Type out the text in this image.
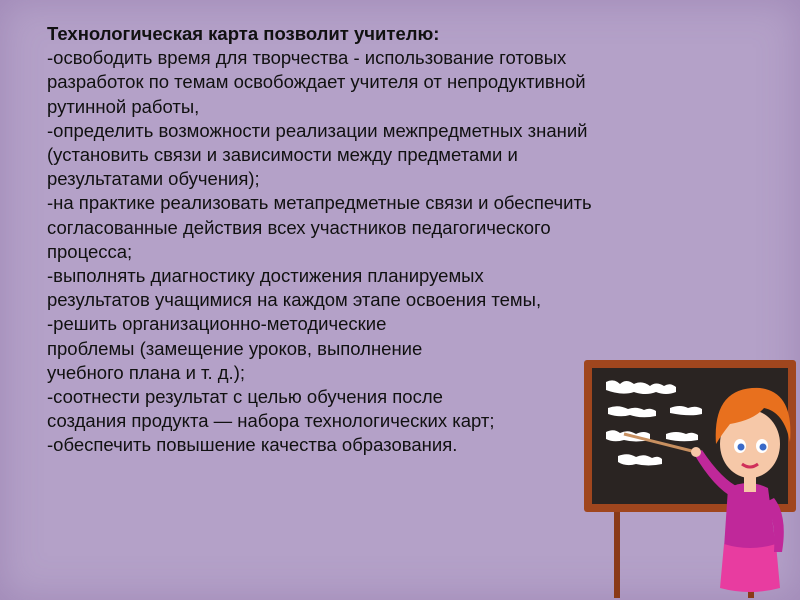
Технологическая карта позволит учителю:
-освободить время для творчества - использование готовых
разработок по темам освобождает учителя от непродуктивной
рутинной работы,
-определить возможности реализации межпредметных знаний
(установить связи и зависимости между предметами и
результатами обучения);
-на практике реализовать метапредметные связи и обеспечить
согласованные действия всех участников педагогического
процесса;
-выполнять диагностику достижения планируемых
результатов учащимися на каждом этапе освоения темы,
-решить организационно-методические
проблемы (замещение уроков, выполнение
учебного плана и т. д.);
-соотнести результат с целью обучения после
создания продукта — набора технологических карт;
-обеспечить повышение качества образования.
